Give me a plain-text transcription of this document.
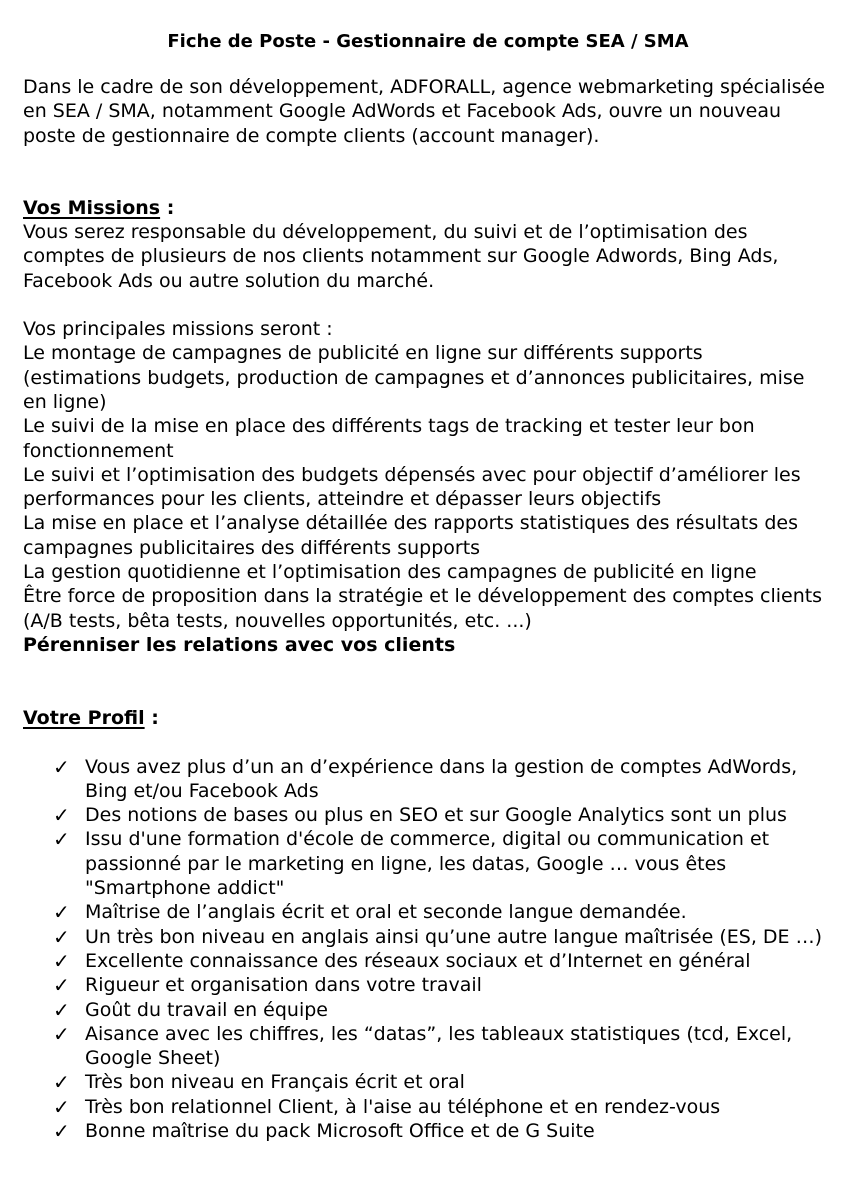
Fiche de Poste - Gestionnaire de compte SEA / SMA

Dans le cadre de son développement, ADFORALL, agence webmarketing spécialisée en SEA / SMA, notamment Google AdWords et Facebook Ads, ouvre un nouveau poste de gestionnaire de compte clients (account manager).

Vos Missions :

Vous serez responsable du développement, du suivi et de l’optimisation des comptes de plusieurs de nos clients notamment sur Google Adwords, Bing Ads, Facebook Ads ou autre solution du marché.

Vos principales missions seront :

Le montage de campagnes de publicité en ligne sur différents supports (estimations budgets, production de campagnes et d’annonces publicitaires, mise en ligne)

Le suivi de la mise en place des différents tags de tracking et tester leur bon fonctionnement

Le suivi et l’optimisation des budgets dépensés avec pour objectif d’améliorer les performances pour les clients, atteindre et dépasser leurs objectifs

La mise en place et l’analyse détaillée des rapports statistiques des résultats des campagnes publicitaires des différents supports

La gestion quotidienne et l’optimisation des campagnes de publicité en ligne

Être force de proposition dans la stratégie et le développement des comptes clients (A/B tests, bêta tests, nouvelles opportunités, etc. ...)

Pérenniser les relations avec vos clients

Votre Profil :

✓ Vous avez plus d’un an d’expérience dans la gestion de comptes AdWords, Bing et/ou Facebook Ads
✓ Des notions de bases ou plus en SEO et sur Google Analytics sont un plus
✓ Issu d'une formation d'école de commerce, digital ou communication et passionné par le marketing en ligne, les datas, Google … vous êtes "Smartphone addict"
✓ Maîtrise de l’anglais écrit et oral et seconde langue demandée.
✓ Un très bon niveau en anglais ainsi qu’une autre langue maîtrisée (ES, DE …)
✓ Excellente connaissance des réseaux sociaux et d’Internet en général
✓ Rigueur et organisation dans votre travail
✓ Goût du travail en équipe
✓ Aisance avec les chiffres, les “datas”, les tableaux statistiques (tcd, Excel, Google Sheet)
✓ Très bon niveau en Français écrit et oral
✓ Très bon relationnel Client, à l'aise au téléphone et en rendez-vous
✓ Bonne maîtrise du pack Microsoft Office et de G Suite
